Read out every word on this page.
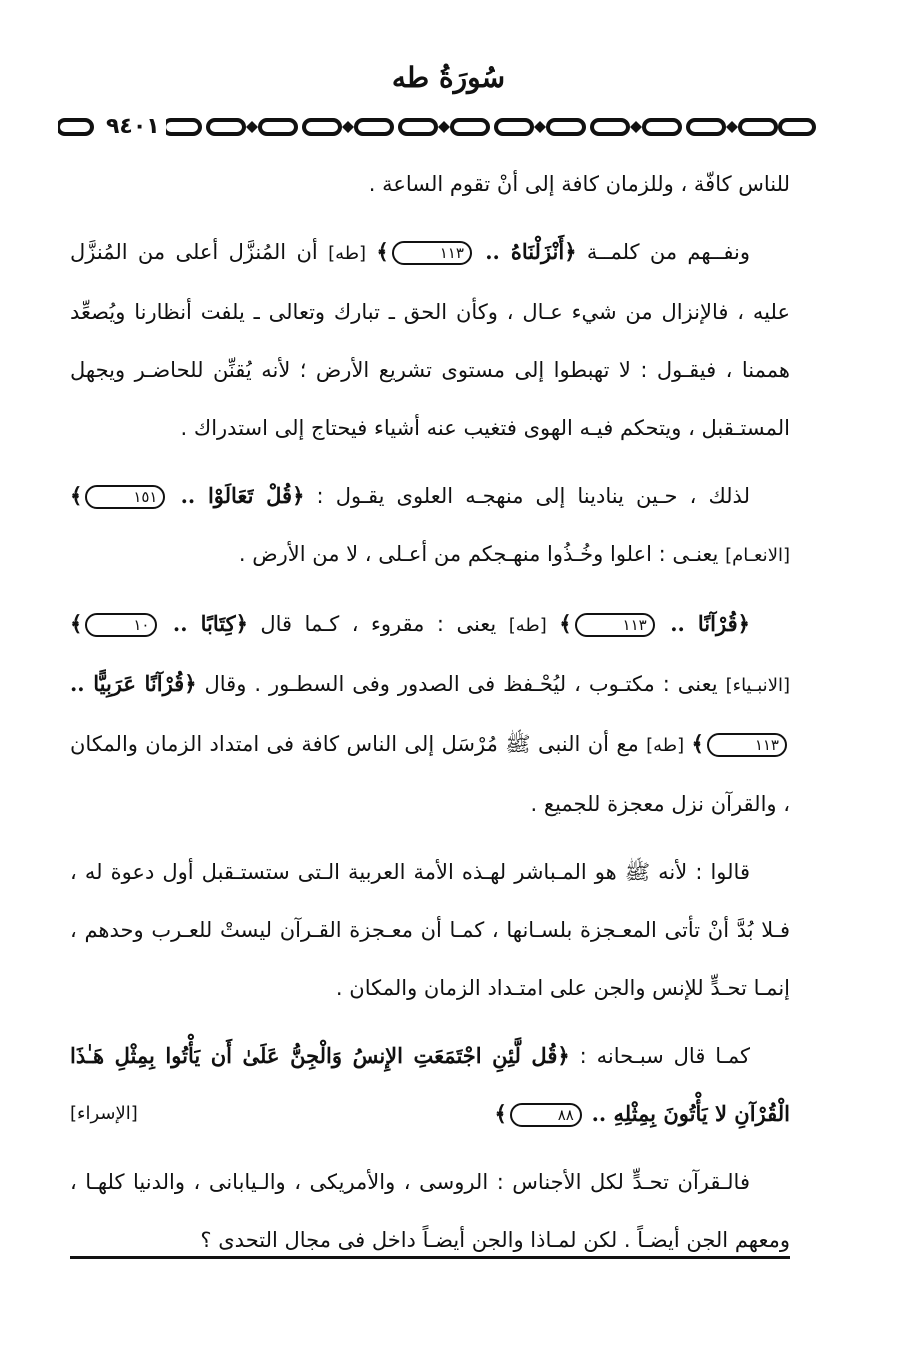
سُورَةُ طه
٩٤٠١

للناس كافّة ، وللزمان كافة إلى أنْ تقوم الساعة .

ونفــهم من كلمــة ﴿أَنْزَلْنَاهُ .. ١١٣﴾ [طه] أن المُنزَّل أعلى من المُنزَّل عليه ، فالإنزال من شيء عـال ، وكأن الحق ـ تبارك وتعالى ـ يلفت أنظارنا ويُصعِّد هممنا ، فيقـول : لا تهبطوا إلى مستوى تشريع الأرض ؛ لأنه يُقنِّن للحاضـر ويجهل المستـقبل ، ويتحكم فيـه الهوى فتغيب عنه أشياء فيحتاج إلى استدراك .

لذلك ، حـين ينادينا إلى منهجـه العلوى يقـول : ﴿قُلْ تَعَالَوْا .. ١٥١﴾ [الانعـام] يعنـى : اعلوا وخُـذُوا منهـجكم من أعـلى ، لا من الأرض .

﴿قُرْآنًا .. ١١٣﴾ [طه] يعنى : مقروء ، كـما قال ﴿كِتَابًا .. ١٠﴾ [الانبـياء] يعنى : مكتـوب ، ليُحْـفظ فى الصدور وفى السطـور . وقال ﴿قُرْآنًا عَرَبِيًّا .. ١١٣﴾ [طه] مع أن النبى ﷺ مُرْسَل إلى الناس كافة فى امتداد الزمان والمكان ، والقرآن نزل معجزة للجميع .

قالوا : لأنه ﷺ هو المـباشر لهـذه الأمة العربية الـتى ستستـقبل أول دعوة له ، فـلا بُدَّ أنْ تأتى المعـجزة بلسـانها ، كمـا أن معـجزة القـرآن ليستْ للعـرب وحدهم ، إنمـا تحـدٍّ للإنس والجن على امتـداد الزمان والمكان .

كمـا قال سبـحانه : ﴿قُل لَّئِنِ اجْتَمَعَتِ الإِنسُ وَالْجِنُّ عَلَىٰ أَن يَأْتُوا بِمِثْلِ هَـٰذَا الْقُرْآنِ لا يَأْتُونَ بِمِثْلِهِ .. ٨٨﴾
[الإسراء]

فالـقرآن تحـدٍّ لكل الأجناس : الروسى ، والأمريكى ، والـيابانى ، والدنيا كلهـا ، ومعهم الجن أيضـاً . لكن لمـاذا والجن أيضـاً داخل فى مجال التحدى ؟
